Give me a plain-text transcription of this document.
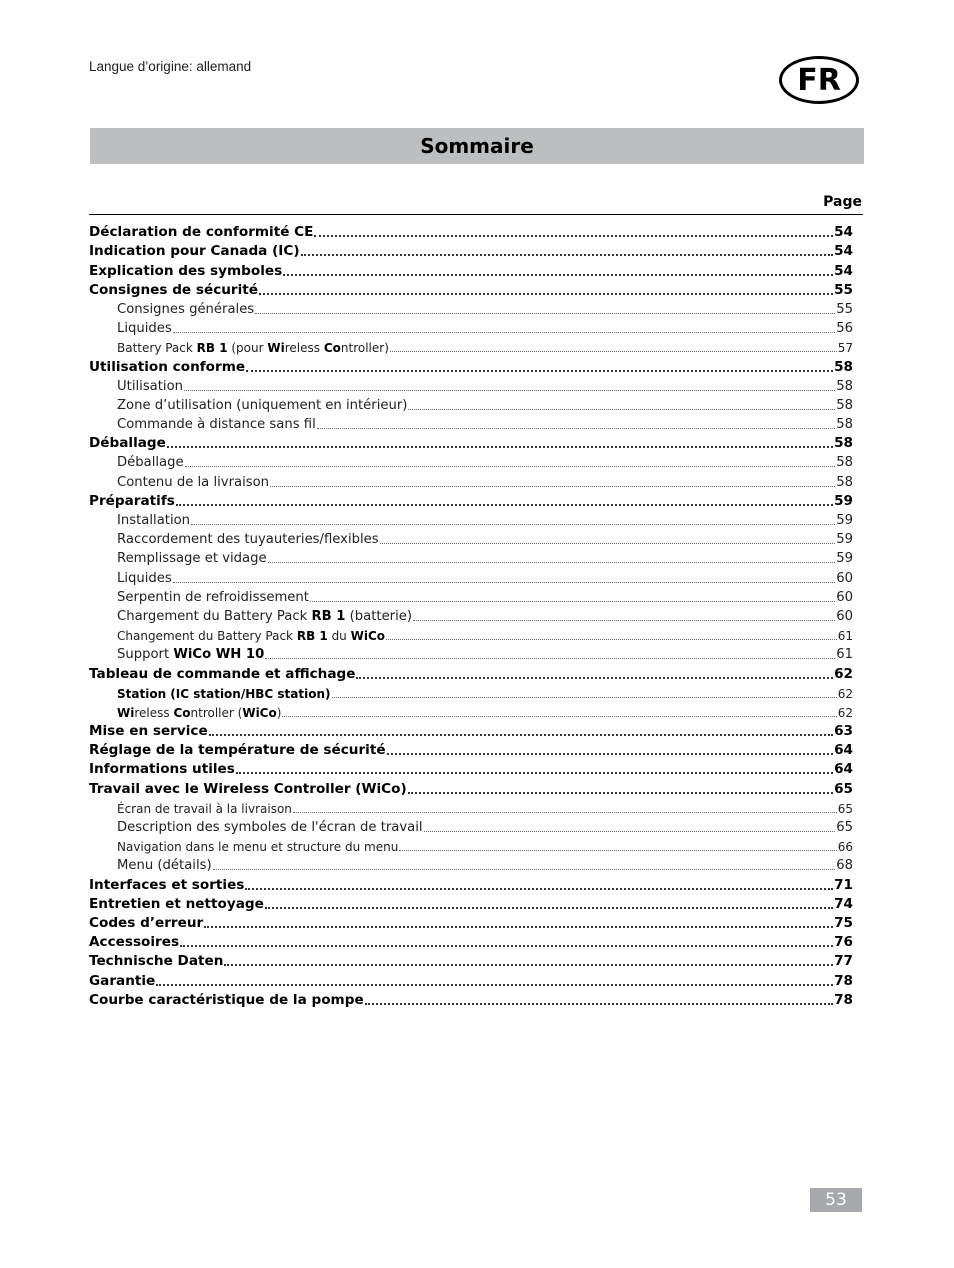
Langue d’origine: allemand	FR
Sommaire
Page
Déclaration de conformité CE	54
Indication pour Canada (IC)	54
Explication des symboles	54
Consignes de sécurité	55
Consignes générales	55
Liquides	56
Battery Pack RB 1 (pour Wireless Controller)	57
Utilisation conforme	58
Utilisation	58
Zone d’utilisation (uniquement en intérieur)	58
Commande à distance sans fil	58
Déballage	58
Déballage	58
Contenu de la livraison	58
Préparatifs	59
Installation	59
Raccordement des tuyauteries/flexibles	59
Remplissage et vidage	59
Liquides	60
Serpentin de refroidissement	60
Chargement du Battery Pack RB 1 (batterie)	60
Changement du Battery Pack RB 1 du WiCo	61
Support WiCo WH 10	61
Tableau de commande et affichage	62
Station (IC station/HBC station)	62
Wireless Controller (WiCo)	62
Mise en service	63
Réglage de la température de sécurité	64
Informations utiles	64
Travail avec le Wireless Controller (WiCo)	65
Écran de travail à la livraison	65
Description des symboles de l'écran de travail	65
Navigation dans le menu et structure du menu	66
Menu (détails)	68
Interfaces et sorties	71
Entretien et nettoyage	74
Codes d’erreur	75
Accessoires	76
Technische Daten	77
Garantie	78
Courbe caractéristique de la pompe	78
53
